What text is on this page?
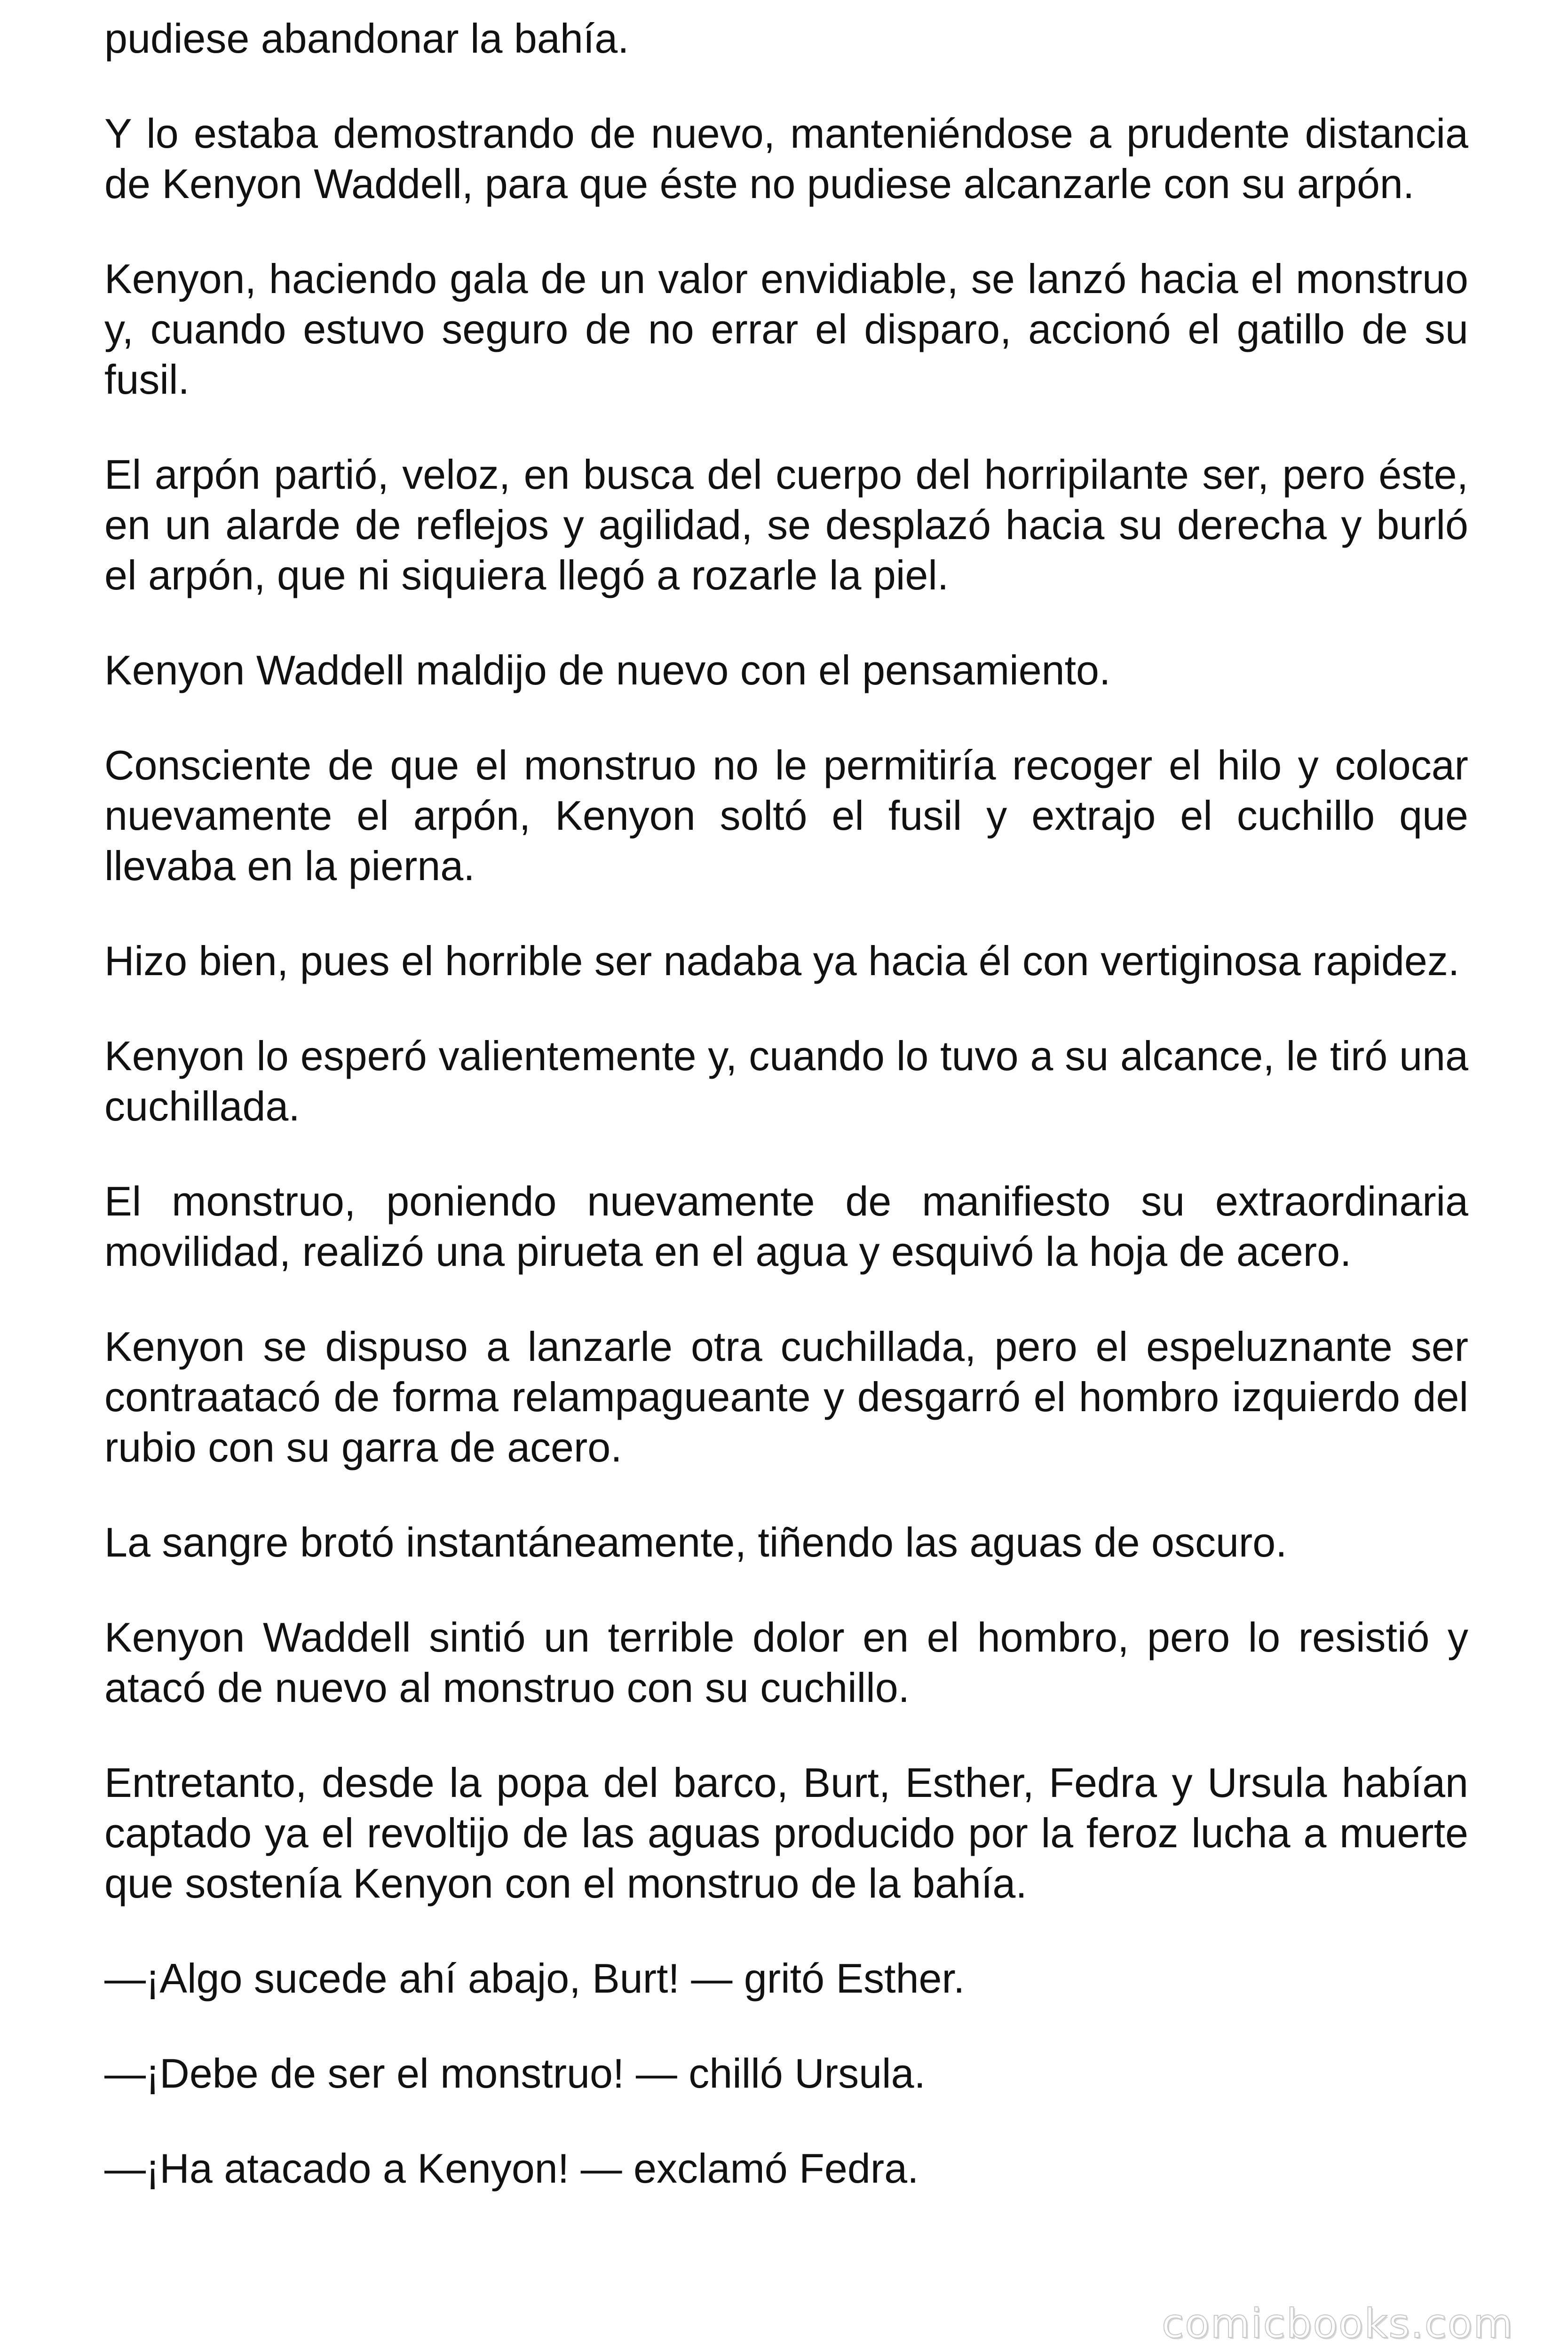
pudiese abandonar la bahía.

Y lo estaba demostrando de nuevo, manteniéndose a prudente distancia de Kenyon Waddell, para que éste no pudiese alcanzarle con su arpón.

Kenyon, haciendo gala de un valor envidiable, se lanzó hacia el monstruo y, cuando estuvo seguro de no errar el disparo, accionó el gatillo de su fusil.

El arpón partió, veloz, en busca del cuerpo del horripilante ser, pero éste, en un alarde de reflejos y agilidad, se desplazó hacia su derecha y burló el arpón, que ni siquiera llegó a rozarle la piel.

Kenyon Waddell maldijo de nuevo con el pensamiento.

Consciente de que el monstruo no le permitiría recoger el hilo y colocar nuevamente el arpón, Kenyon soltó el fusil y extrajo el cuchillo que llevaba en la pierna.

Hizo bien, pues el horrible ser nadaba ya hacia él con vertiginosa rapidez.

Kenyon lo esperó valientemente y, cuando lo tuvo a su alcance, le tiró una cuchillada.

El monstruo, poniendo nuevamente de manifiesto su extraordinaria movilidad, realizó una pirueta en el agua y esquivó la hoja de acero.

Kenyon se dispuso a lanzarle otra cuchillada, pero el espeluznante ser contraatacó de forma relampagueante y desgarró el hombro izquierdo del rubio con su garra de acero.

La sangre brotó instantáneamente, tiñendo las aguas de oscuro.

Kenyon Waddell sintió un terrible dolor en el hombro, pero lo resistió y atacó de nuevo al monstruo con su cuchillo.

Entretanto, desde la popa del barco, Burt, Esther, Fedra y Ursula habían captado ya el revoltijo de las aguas producido por la feroz lucha a muerte que sostenía Kenyon con el monstruo de la bahía.

—¡Algo sucede ahí abajo, Burt! — gritó Esther.

—¡Debe de ser el monstruo! — chilló Ursula.

—¡Ha atacado a Kenyon! — exclamó Fedra.

comicbooks.com
